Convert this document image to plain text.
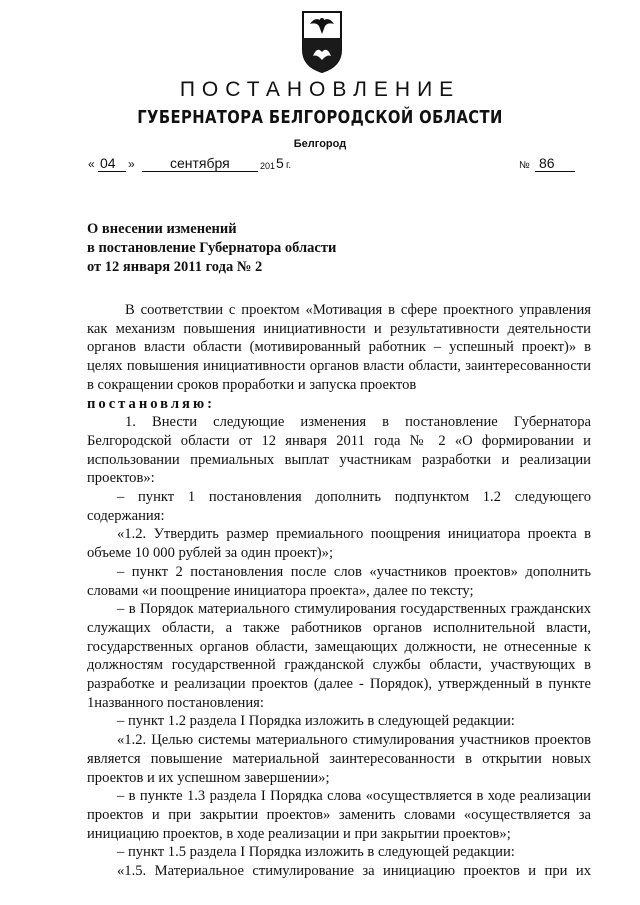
ПОСТАНОВЛЕНИЕ
ГУБЕРНАТОРА БЕЛГОРОДСКОЙ ОБЛАСТИ
Белгород
« 04 »	сентября	201 5 г.	№ 86
О внесении изменений
в постановление Губернатора области
от 12 января 2011 года № 2
В соответствии с проектом «Мотивация в сфере проектного управления как механизм повышения инициативности и результативности деятельности органов власти области (мотивированный работник – успешный проект)» в целях повышения инициативности органов власти области, заинтересованности в сокращении сроков проработки и запуска проектов
постановляю:
1. Внести следующие изменения в постановление Губернатора Белгородской области от 12 января 2011 года № 2 «О формировании и использовании премиальных выплат участникам разработки и реализации проектов»:
– пункт 1 постановления дополнить подпунктом 1.2 следующего содержания:
«1.2. Утвердить размер премиального поощрения инициатора проекта в объеме 10 000 рублей за один проект)»;
– пункт 2 постановления после слов «участников проектов» дополнить словами «и поощрение инициатора проекта», далее по тексту;
– в Порядок материального стимулирования государственных гражданских служащих области, а также работников органов исполнительной власти, государственных органов области, замещающих должности, не отнесенные к должностям государственной гражданской службы области, участвующих в разработке и реализации проектов (далее - Порядок), утвержденный в пункте 1названного постановления:
– пункт 1.2 раздела I Порядка изложить в следующей редакции:
«1.2. Целью системы материального стимулирования участников проектов является повышение материальной заинтересованности в открытии новых проектов и их успешном завершении»;
– в пункте 1.3 раздела I Порядка слова «осуществляется в ходе реализации проектов и при закрытии проектов» заменить словами «осуществляется за инициацию проектов, в ходе реализации и при закрытии проектов»;
– пункт 1.5 раздела I Порядка изложить в следующей редакции:
«1.5. Материальное стимулирование за инициацию проектов и при их
